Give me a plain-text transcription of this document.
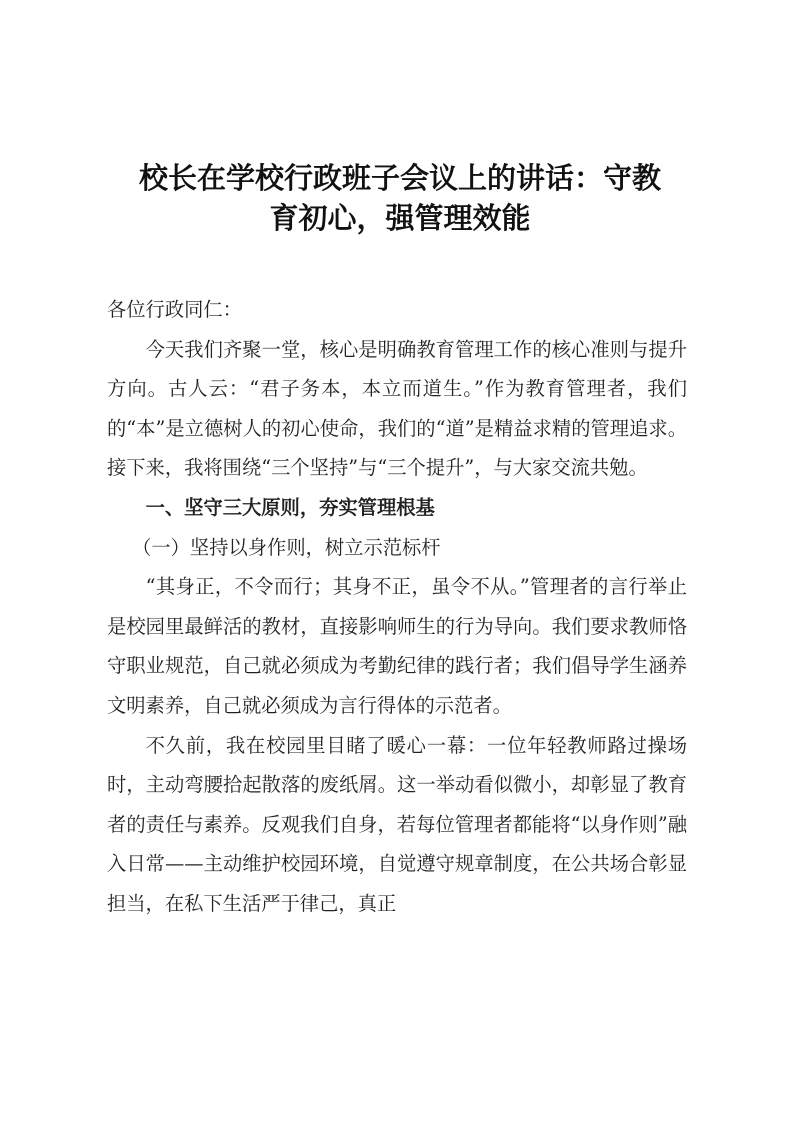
校长在学校行政班子会议上的讲话：守教
育初心，强管理效能

各位行政同仁：

今天我们齐聚一堂，核心是明确教育管理工作的核心准则与提升方向。古人云：“君子务本，本立而道生。”作为教育管理者，我们的“本”是立德树人的初心使命，我们的“道”是精益求精的管理追求。接下来，我将围绕“三个坚持”与“三个提升”，与大家交流共勉。

一、坚守三大原则，夯实管理根基

（一）坚持以身作则，树立示范标杆

“其身正，不令而行；其身不正，虽令不从。”管理者的言行举止是校园里最鲜活的教材，直接影响师生的行为导向。我们要求教师恪守职业规范，自己就必须成为考勤纪律的践行者；我们倡导学生涵养文明素养，自己就必须成为言行得体的示范者。

不久前，我在校园里目睹了暖心一幕：一位年轻教师路过操场时，主动弯腰拾起散落的废纸屑。这一举动看似微小，却彰显了教育者的责任与素养。反观我们自身，若每位管理者都能将“以身作则”融入日常——主动维护校园环境，自觉遵守规章制度，在公共场合彰显担当，在私下生活严于律己，真正
